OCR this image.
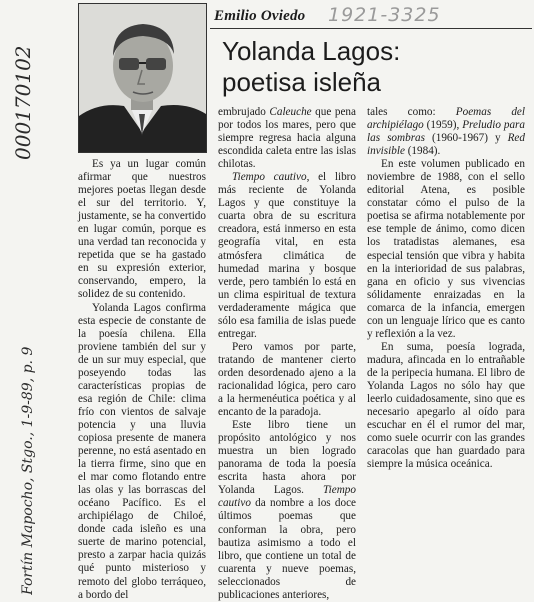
000170102
Fortín Mapocho, Stgo., 1-9-89, p. 9
Emilio Oviedo 1921-3325
Yolanda Lagos:
poetisa isleña

Es ya un lugar común afirmar que nuestros mejores poetas llegan desde el sur del territorio. Y, justamente, se ha convertido en lugar común, porque es una verdad tan reconocida y repetida que se ha gastado en su expresión exterior, conservando, empero, la solidez de su contenido.

Yolanda Lagos confirma esta especie de constante de la poesía chilena. Ella proviene también del sur y de un sur muy especial, que poseyendo todas las características propias de esa región de Chile: clima frío con vientos de salvaje potencia y una lluvia copiosa presente de manera perenne, no está asentado en la tierra firme, sino que en el mar como flotando entre las olas y las borrascas del océano Pacífico. Es el archipiélago de Chiloé, donde cada isleño es una suerte de marino potencial, presto a zarpar hacia quizás qué punto misterioso y remoto del globo terráqueo, a bordo del

embrujado Caleuche que pena por todos los mares, pero que siempre regresa hacia alguna escondida caleta entre las islas chilotas.

Tiempo cautivo, el libro más reciente de Yolanda Lagos y que constituye la cuarta obra de su escritura creadora, está inmerso en esta geografía vital, en esta atmósfera climática de humedad marina y bosque verde, pero también lo está en un clima espiritual de textura verdaderamente mágica que sólo esa familia de islas puede entregar.

Pero vamos por parte, tratando de mantener cierto orden desordenado ajeno a la racionalidad lógica, pero caro a la hermenéutica poética y al encanto de la paradoja.

Este libro tiene un propósito antológico y nos muestra un bien logrado panorama de toda la poesía escrita hasta ahora por Yolanda Lagos. Tiempo cautivo da nombre a los doce últimos poemas que conforman la obra, pero bautiza asimismo a todo el libro, que contiene un total de cuarenta y nueve poemas, seleccionados de publicaciones anteriores,

tales como: Poemas del archipiélago (1959), Preludio para las sombras (1960-1967) y Red invisible (1984).

En este volumen publicado en noviembre de 1988, con el sello editorial Atena, es posible constatar cómo el pulso de la poetisa se afirma notablemente por ese temple de ánimo, como dicen los tratadistas alemanes, esa especial tensión que vibra y habita en la interioridad de sus palabras, gana en oficio y sus vivencias sólidamente enraizadas en la comarca de la infancia, emergen con un lenguaje lírico que es canto y reflexión a la vez.

En suma, poesía lograda, madura, afincada en lo entrañable de la peripecia humana. El libro de Yolanda Lagos no sólo hay que leerlo cuidadosamente, sino que es necesario apegarlo al oído para escuchar en él el rumor del mar, como suele ocurrir con las grandes caracolas que han guardado para siempre la música oceánica.
